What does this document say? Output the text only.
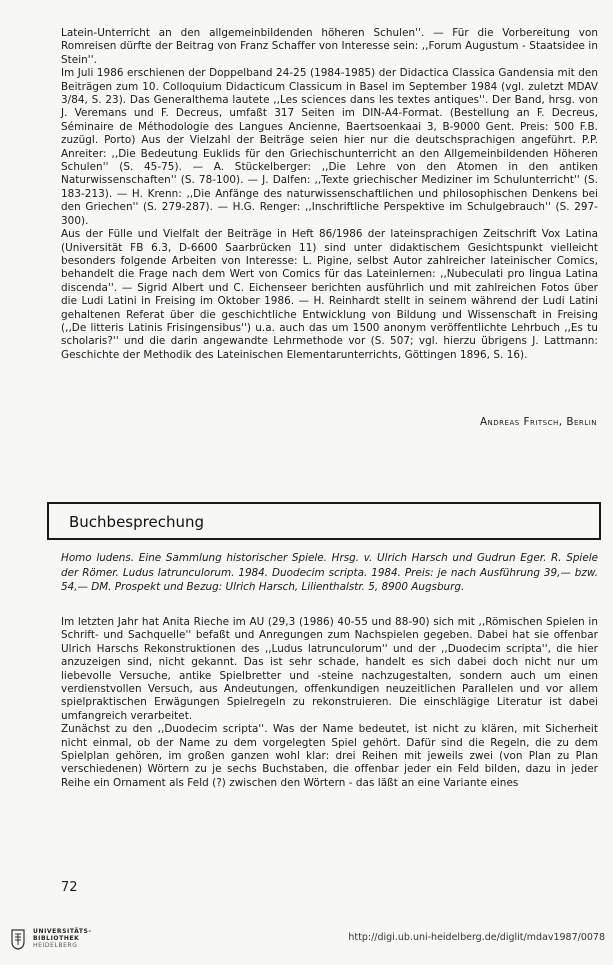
Latein-Unterricht an den allgemeinbildenden höheren Schulen''. — Für die Vorbereitung von Romreisen dürfte der Beitrag von Franz Schaffer von Interesse sein: ,,Forum Augustum - Staatsidee in Stein''.

Im Juli 1986 erschienen der Doppelband 24-25 (1984-1985) der Didactica Classica Gandensia mit den Beiträgen zum 10. Colloquium Didacticum Classicum in Basel im September 1984 (vgl. zuletzt MDAV 3/84, S. 23). Das Generalthema lautete ,,Les sciences dans les textes antiques''. Der Band, hrsg. von J. Veremans und F. Decreus, umfaßt 317 Seiten im DIN-A4-Format. (Bestellung an F. Decreus, Séminaire de Méthodologie des Langues Ancienne, Baertsoenkaai 3, B-9000 Gent. Preis: 500 F.B. zuzügl. Porto) Aus der Vielzahl der Beiträge seien hier nur die deutschsprachigen angeführt. P.P. Anreiter: ,,Die Bedeutung Euklids für den Griechischunterricht an den Allgemeinbildenden Höheren Schulen'' (S. 45-75). — A. Stückelberger: ,,Die Lehre von den Atomen in den antiken Naturwissenschaften'' (S. 78-100). — J. Dalfen: ,,Texte griechischer Mediziner im Schulunterricht'' (S. 183-213). — H. Krenn: ,,Die Anfänge des naturwissenschaftlichen und philosophischen Denkens bei den Griechen'' (S. 279-287). — H.G. Renger: ,,Inschriftliche Perspektive im Schulgebrauch'' (S. 297-300).

Aus der Fülle und Vielfalt der Beiträge in Heft 86/1986 der lateinsprachigen Zeitschrift Vox Latina (Universität FB 6.3, D-6600 Saarbrücken 11) sind unter didaktischem Gesichtspunkt vielleicht besonders folgende Arbeiten von Interesse: L. Pigine, selbst Autor zahlreicher lateinischer Comics, behandelt die Frage nach dem Wert von Comics für das Lateinlernen: ,,Nubeculati pro lingua Latina discenda''. — Sigrid Albert und C. Eichenseer berichten ausführlich und mit zahlreichen Fotos über die Ludi Latini in Freising im Oktober 1986. — H. Reinhardt stellt in seinem während der Ludi Latini gehaltenen Referat über die geschichtliche Entwicklung von Bildung und Wissenschaft in Freising (,,De litteris Latinis Frisingensibus'') u.a. auch das um 1500 anonym veröffentlichte Lehrbuch ,,Es tu scholaris?'' und die darin angewandte Lehrmethode vor (S. 507; vgl. hierzu übrigens J. Lattmann: Geschichte der Methodik des Lateinischen Elementarunterrichts, Göttingen 1896, S. 16).

Andreas Fritsch, Berlin
Buchbesprechung
Homo ludens. Eine Sammlung historischer Spiele. Hrsg. v. Ulrich Harsch und Gudrun Eger. R. Spiele der Römer. Ludus latrunculorum. 1984. Duodecim scripta. 1984. Preis: je nach Ausführung 39,— bzw. 54,— DM. Prospekt und Bezug: Ulrich Harsch, Lilienthalstr. 5, 8900 Augsburg.

Im letzten Jahr hat Anita Rieche im AU (29,3 (1986) 40-55 und 88-90) sich mit ,,Römischen Spielen in Schrift- und Sachquelle'' befaßt und Anregungen zum Nachspielen gegeben. Dabei hat sie offenbar Ulrich Harschs Rekonstruktionen des ,,Ludus latrunculorum'' und der ,,Duodecim scripta'', die hier anzuzeigen sind, nicht gekannt. Das ist sehr schade, handelt es sich dabei doch nicht nur um liebevolle Versuche, antike Spielbretter und -steine nachzugestalten, sondern auch um einen verdienstvollen Versuch, aus Andeutungen, offenkundigen neuzeitlichen Parallelen und vor allem spielpraktischen Erwägungen Spielregeln zu rekonstruieren. Die einschlägige Literatur ist dabei umfangreich verarbeitet.

Zunächst zu den ,,Duodecim scripta''. Was der Name bedeutet, ist nicht zu klären, mit Sicherheit nicht einmal, ob der Name zu dem vorgelegten Spiel gehört. Dafür sind die Regeln, die zu dem Spielplan gehören, im großen ganzen wohl klar: drei Reihen mit jeweils zwei (von Plan zu Plan verschiedenen) Wörtern zu je sechs Buchstaben, die offenbar jeder ein Feld bilden, dazu in jeder Reihe ein Ornament als Feld (?) zwischen den Wörtern - das läßt an eine Variante eines

72
UNIVERSITÄTS-
BIBLIOTHEK
HEIDELBERG
http://digi.ub.uni-heidelberg.de/diglit/mdav1987/0078
